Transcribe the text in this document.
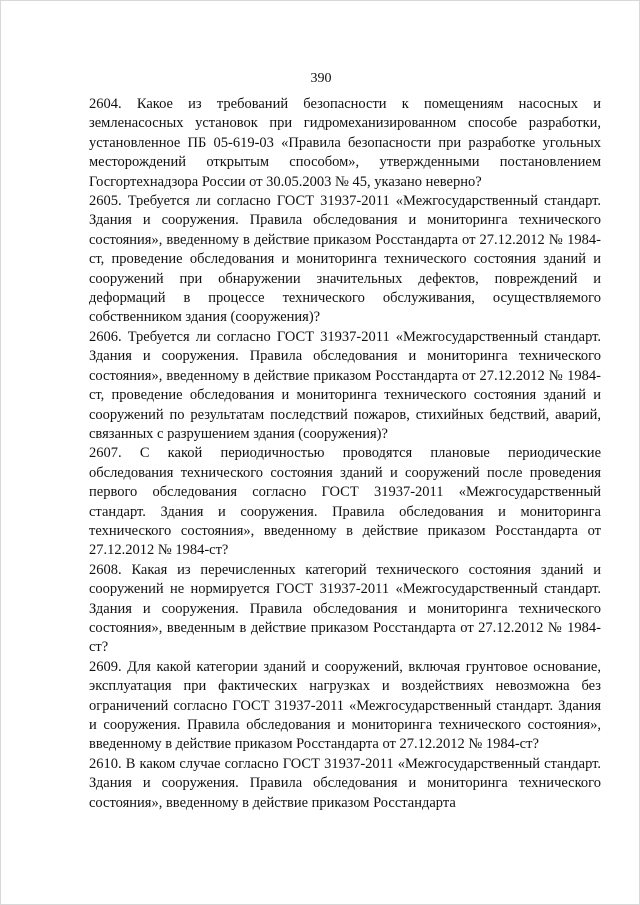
390

2604. Какое из требований безопасности к помещениям насосных и земленасосных установок при гидромеханизированном способе разработки, установленное ПБ 05-619-03 «Правила безопасности при разработке угольных месторождений открытым способом», утвержденными постановлением Госгортехнадзора России от 30.05.2003 № 45, указано неверно?

2605. Требуется ли согласно ГОСТ 31937-2011 «Межгосударственный стандарт. Здания и сооружения. Правила обследования и мониторинга технического состояния», введенному в действие приказом Росстандарта от 27.12.2012 № 1984-ст, проведение обследования и мониторинга технического состояния зданий и сооружений при обнаружении значительных дефектов, повреждений и деформаций в процессе технического обслуживания, осуществляемого собственником здания (сооружения)?

2606. Требуется ли согласно ГОСТ 31937-2011 «Межгосударственный стандарт. Здания и сооружения. Правила обследования и мониторинга технического состояния», введенному в действие приказом Росстандарта от 27.12.2012 № 1984-ст, проведение обследования и мониторинга технического состояния зданий и сооружений по результатам последствий пожаров, стихийных бедствий, аварий, связанных с разрушением здания (сооружения)?

2607. С какой периодичностью проводятся плановые периодические обследования технического состояния зданий и сооружений после проведения первого обследования согласно ГОСТ 31937-2011 «Межгосударственный стандарт. Здания и сооружения. Правила обследования и мониторинга технического состояния», введенному в действие приказом Росстандарта от 27.12.2012 № 1984-ст?

2608. Какая из перечисленных категорий технического состояния зданий и сооружений не нормируется ГОСТ 31937-2011 «Межгосударственный стандарт. Здания и сооружения. Правила обследования и мониторинга технического состояния», введенным в действие приказом Росстандарта от 27.12.2012 № 1984-ст?

2609. Для какой категории зданий и сооружений, включая грунтовое основание, эксплуатация при фактических нагрузках и воздействиях невозможна без ограничений согласно ГОСТ 31937-2011 «Межгосударственный стандарт. Здания и сооружения. Правила обследования и мониторинга технического состояния», введенному в действие приказом Росстандарта от 27.12.2012 № 1984-ст?

2610. В каком случае согласно ГОСТ 31937-2011 «Межгосударственный стандарт. Здания и сооружения. Правила обследования и мониторинга технического состояния», введенному в действие приказом Росстандарта
